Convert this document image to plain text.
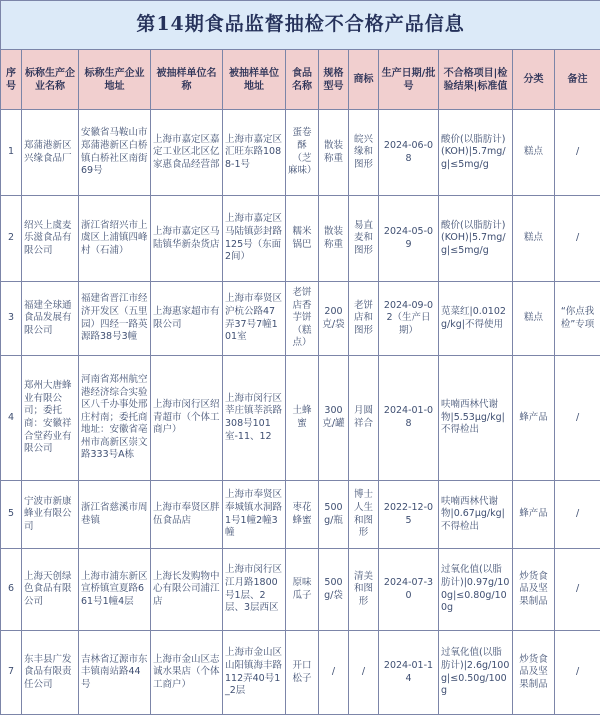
第14期食品监督抽检不合格产品信息											
序号	标称生产企业名称	标称生产企业地址	被抽样单位名称	被抽样单位地址	食品名称	规格型号	商标	生产日期/批号	不合格项目|检验结果|标准值	分类	备注
1	郑蒲港新区兴缘食品厂	安徽省马鞍山市郑蒲港新区白桥镇白桥社区南街69号	上海市嘉定区嘉定工业区北区亿家惠食品经营部	上海市嘉定区汇旺东路1088-1号	蛋卷酥（芝麻味）	散装称重	皖兴缘和图形	2024-06-08	酸价(以脂肪计)(KOH)|5.7mg/g|≤5mg/g	糕点	/
2	绍兴上虞麦乐滋食品有限公司	浙江省绍兴市上虞区上浦镇四峰村（石浦）	上海市嘉定区马陆镇华新杂货店	上海市嘉定区马陆镇彭封路125号（东面2间）	糯米锅巴	散装称重	易直麦和图形	2024-05-09	酸价(以脂肪计)(KOH)|5.7mg/g|≤5mg/g	糕点	/
3	福建全球通食品发展有限公司	福建省晋江市经济开发区（五里园）四经一路英源路38号3幢	上海惠家超市有限公司	上海市奉贤区沪杭公路47弄37号7幢101室	老饼店香芋饼（糕点）	200克/袋	老饼店和图形	2024-09-02（生产日期）	苋菜红|0.0102g/kg|不得使用	糕点	“你点我检”专项
4	郑州大唐蜂业有限公司；委托商：安徽祥合堂药业有限公司	河南省郑州航空港经济综合实验区八千办事处邢庄村南；委托商地址：安徽省亳州市高新区崇文路333号A栋	上海市闵行区绍青超市（个体工商户）	上海市闵行区莘庄镇莘浜路308号101室-11、12	土蜂蜜	300克/罐	月圆祥合	2024-01-08	呋喃西林代谢物|5.53μg/kg|不得检出	蜂产品	/
5	宁波市新康蜂业有限公司	浙江省慈溪市周巷镇	上海市奉贤区胖伍食品店	上海市奉贤区奉城镇水洞路1号1幢2幢3幢	枣花蜂蜜	500g/瓶	博士人生和图形	2022-12-05	呋喃西林代谢物|0.67μg/kg|不得检出	蜂产品	/
6	上海天创绿色食品有限公司	上海市浦东新区宣桥镇宣夏路661号1幢4层	上海长发购物中心有限公司浦江店	上海市闵行区江月路1800号1层、2层、3层西区	原味瓜子	500g/袋	清美和图形	2024-07-30	过氧化值(以脂肪计)|0.97g/100g|≤0.80g/100g	炒货食品及坚果制品	/
7	东丰县广发食品有限责任公司	吉林省辽源市东丰镇南站路44号	上海市金山区志诚水果店（个体工商户）	上海市金山区山阳镇海丰路112弄40号1_2层	开口松子	/	/	2024-01-14	过氧化值(以脂肪计)|2.6g/100g|≤0.50g/100g	炒货食品及坚果制品	/
